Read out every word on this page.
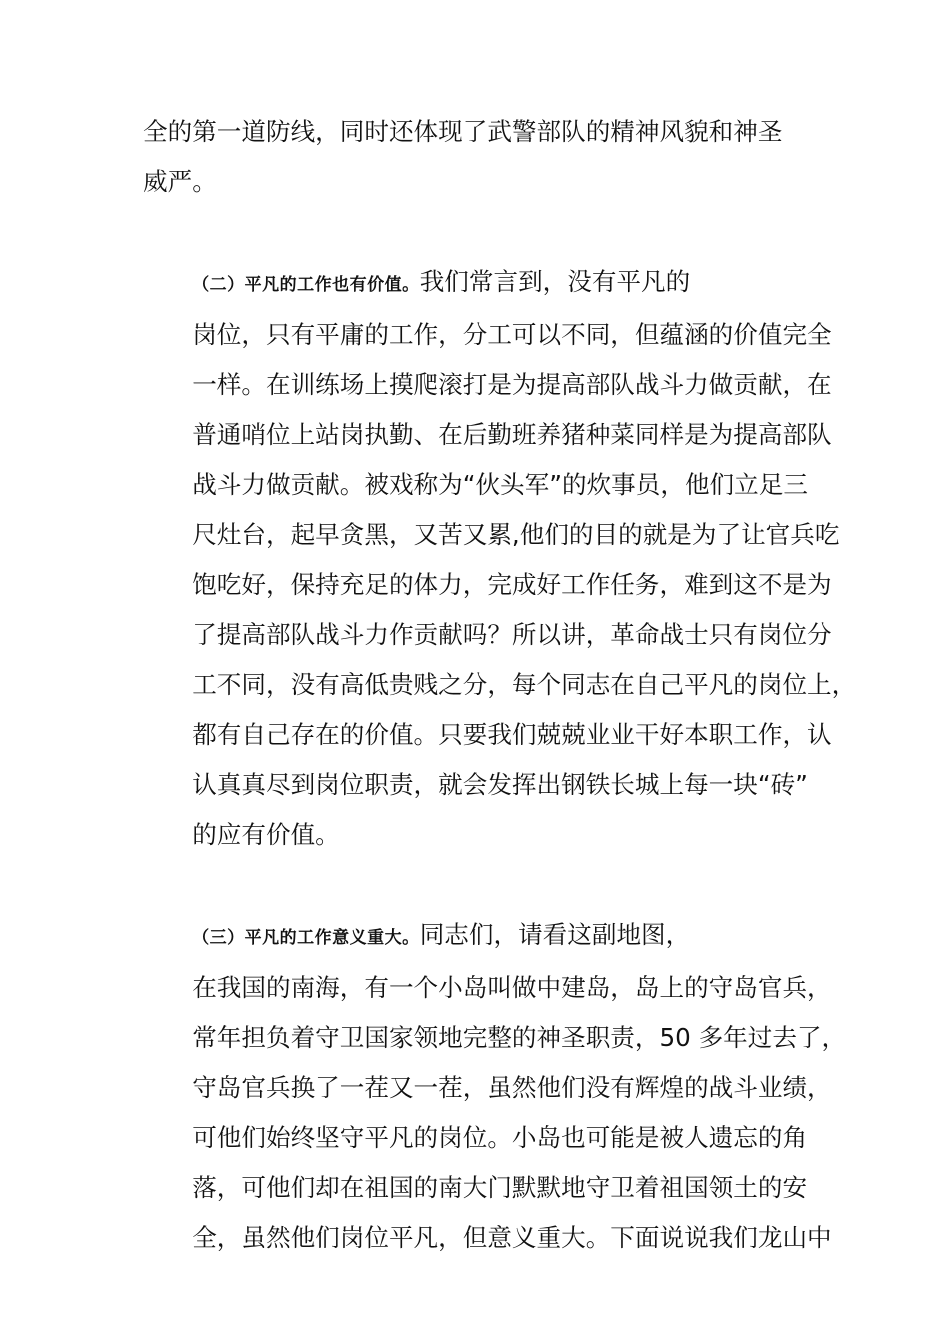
全的第一道防线，同时还体现了武警部队的精神风貌和神圣
威严。

（二）平凡的工作也有价值。我们常言到，没有平凡的
岗位，只有平庸的工作，分工可以不同，但蕴涵的价值完全
一样。在训练场上摸爬滚打是为提高部队战斗力做贡献，在
普通哨位上站岗执勤、在后勤班养猪种菜同样是为提高部队
战斗力做贡献。被戏称为“伙头军”的炊事员，他们立足三
尺灶台，起早贪黑，又苦又累,他们的目的就是为了让官兵吃
饱吃好，保持充足的体力，完成好工作任务，难到这不是为
了提高部队战斗力作贡献吗？所以讲，革命战士只有岗位分
工不同，没有高低贵贱之分，每个同志在自己平凡的岗位上，
都有自己存在的价值。只要我们兢兢业业干好本职工作，认
认真真尽到岗位职责，就会发挥出钢铁长城上每一块“砖”
的应有价值。

（三）平凡的工作意义重大。同志们，请看这副地图，
在我国的南海，有一个小岛叫做中建岛，岛上的守岛官兵，
常年担负着守卫国家领地完整的神圣职责，50 多年过去了，
守岛官兵换了一茬又一茬，虽然他们没有辉煌的战斗业绩，
可他们始终坚守平凡的岗位。小岛也可能是被人遗忘的角
落，可他们却在祖国的南大门默默地守卫着祖国领土的安
全，虽然他们岗位平凡，但意义重大。下面说说我们龙山中
